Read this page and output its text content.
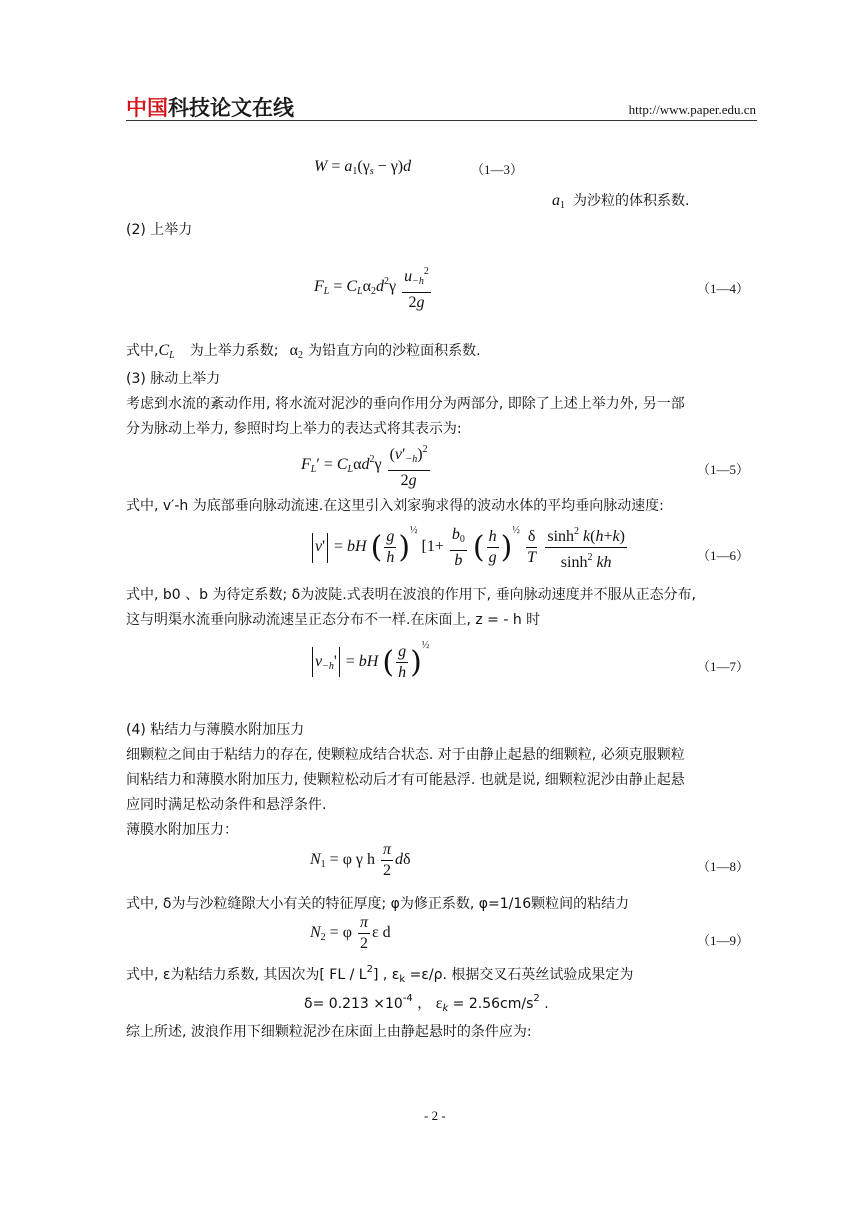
中国科技论文在线	http://www.paper.edu.cn
$W = a1(\gamma_s - \gamma)d$	（1—3）
a1 为沙粒的体积系数.
(2) 上举力
$F_L = C_L\alpha 2d^2\gamma \frac{u_{-h}^2}{2g}$	（1—4）
式中$,C_L$ 为上举力系数; α2 为铅直方向的沙粒面积系数.
(3) 脉动上举力
考虑到水流的紊动作用, 将水流对泥沙的垂向作用分为两部分, 即除了上述上举力外, 另一部
分为脉动上举力, 参照时均上举力的表达式将其表示为:
$F_L' = C_L\alpha d^2\gamma \frac{(v'_{-h})^2}{2g}$	（1—5）
式中, v′-h 为底部垂向脉动流速.在这里引入刘家驹求得的波动水体的平均垂向脉动速度:
v' = bH ( $\frac{g}{h} )^{\frac{1}{2}}$ [$1+ \frac{b0}{b}$ ( $\frac{h}{g} )^{\frac{1}{2}} \frac{\delta}{T}$
$\frac{\sinh^2 k(h+k)}{\sinh^2 kh}$	（1—6）
式中, b0 、b 为待定系数; δ为波陡.式表明在波浪的作用下, 垂向脉动速度并不服从正态分布,
这与明渠水流垂向脉动流速呈正态分布不一样.在床面上, z = - h 时
$v_{-h}'$ = bH ( $\frac{g}{h} )^{\frac{1}{2}}$
（1—7）
(4) 粘结力与薄膜水附加压力
细颗粒之间由于粘结力的存在, 使颗粒成结合状态. 对于由静止起悬的细颗粒, 必须克服颗粒
间粘结力和薄膜水附加压力, 使颗粒松动后才有可能悬浮. 也就是说, 细颗粒泥沙由静止起悬
应同时满足松动条件和悬浮条件.
薄膜水附加压力：
N1 = φ γ h $\frac{\pi}{2}$ dδ	（1—8）
式中, δ为与沙粒缝隙大小有关的特征厚度; φ为修正系数, φ=1/16颗粒间的粘结力
N2 = φ $\frac{\pi}{2}$ ε d	（1—9）
式中, ε为粘结力系数, 其因次为[ FL / $L^2$] , $\varepsilon_k =\varepsilon/\rho$. 根据交叉石英丝试验成果定为
$\delta= 0.213 \times 10^{-4}$ ， $\varepsilon_k = 2.56cm/s^2$ .
综上所述, 波浪作用下细颗粒泥沙在床面上由静起悬时的条件应为:
- 2 -
